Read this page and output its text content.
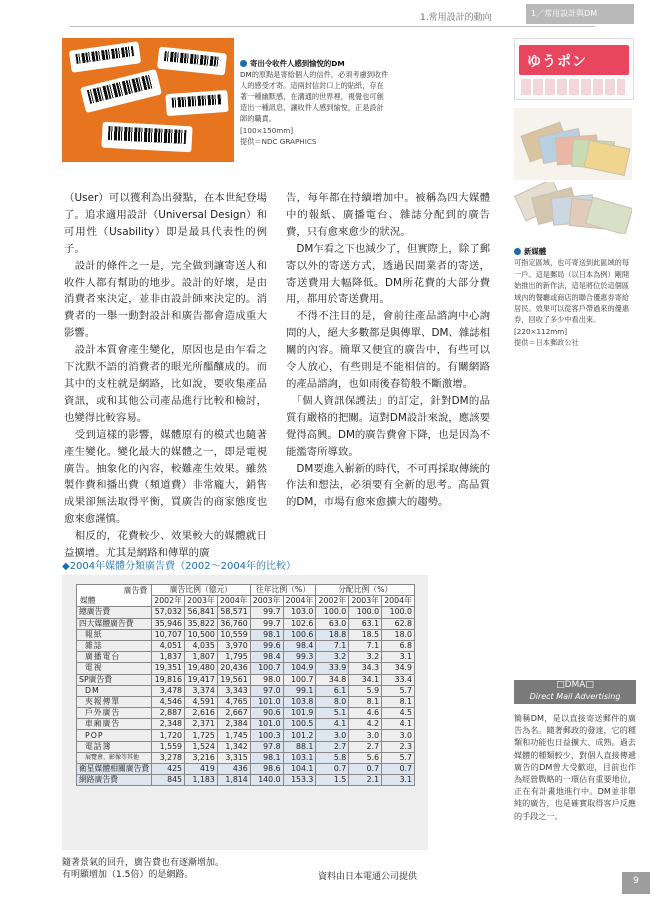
1.常用設計的動向	1／常用設計與DM
寄出令收件人感到愉悅的DM
DM的原點是寄給個人的信件，必須考慮到收件人的感受才寄。這兩封信封口上的貼紙，存在著一種幽默感，在溝通的世界裡，視覺也可創造出一種訊息，讓收件人感到愉悅，正是設計師的職責。
[100×150mm]
提供＝NDC GRAPHICS
ゆうポン
新媒體
可指定區域，也可寄送到此區域的每一戶。這是郵局（以日本為例）剛開始推出的新作法，這是將位於這個區域內的餐廳或商店的聯合優惠券寄給居民。效果可以從客戶帶過來的優惠券，回收了多少中看出來。
[220×112mm]
提供＝日本郵政公社

（User）可以獲利為出發點，在本世紀登場了。追求適用設計（Universal Design）和可用性（Usability）即是最具代表性的例子。

　設計的條件之一是，完全做到讓寄送人和收件人都有幫助的地步。設計的好壞，是由消費者來決定，並非由設計師來決定的。消費者的一舉一動對設計和廣告都會造成重大影響。

　設計本質會產生變化，原因也是由乍看之下沈默不語的消費者的眼光所醞釀成的。而其中的支柱就是網路，比如說，要收集產品資訊，或和其他公司產品進行比較和檢討，也變得比較容易。

　受到這樣的影響，媒體原有的模式也隨著產生變化。變化最大的媒體之一，即是電視廣告。抽象化的內容，較難產生效果。雖然製作費和播出費（頻道費）非常龐大，銷售成果卻無法取得平衡，買廣告的商家態度也愈來愈謹慎。

　相反的，花費較少、效果較大的媒體就日益擴增。尤其是網路和傳單的廣

告，每年都在持續增加中。被稱為四大媒體中的報紙、廣播電台、雜誌分配到的廣告費，只有愈來愈少的狀況。

　DM乍看之下也減少了，但實際上，除了郵寄以外的寄送方式，透過民間業者的寄送，寄送費用大幅降低。DM所花費的大部分費用，都用於寄送費用。

　不得不注目的是，會前往產品諮詢中心詢問的人，絕大多數都是與傳單、DM、雜誌相關的內容。簡單又便宜的廣告中，有些可以令人放心，有些則是不能相信的。有關網路的產品諮詢，也如雨後春筍般不斷激增。

　「個人資訊保護法」的訂定，針對DM的品質有嚴格的把關。這對DM設計來說，應該要覺得高興。DM的廣告費會下降，也是因為不能濫寄所導致。

　DM要進入嶄新的時代，不可再採取傳統的作法和想法，必須要有全新的思考。高品質的DM，市場有愈來愈擴大的趨勢。

□DMA□
Direct Mail Advertising
簡稱DM，是以直接寄送郵件的廣告為名。隨著郵政的發達，它的種類和功能也日益擴大、成熟。過去媒體的種類較少，對個人直接傳遞廣告的DM曾大受歡迎，目前也作為經營戰略的一環佔有重要地位，正在有計畫地進行中。DM並非單純的廣告，也是確實取得客戶反應的手段之一。
◆2004年媒體分類廣告費（2002～2004年的比較）
廣告費
媒體	廣告比例（億元）			往年比例（%）		分配比例（%）		
	2002年	2003年	2004年	2003年	2004年	2002年	2003年	2004年
總廣告費	57,032	56,841	58,571	99.7	103.0	100.0	100.0	100.0
四大媒體廣告費	35,946	35,822	36,760	99.7	102.6	63.0	63.1	62.8
報紙	10,707	10,500	10,559	98.1	100.6	18.8	18.5	18.0
雜誌	4,051	4,035	3,970	99.6	98.4	7.1	7.1	6.8
廣播電台	1,837	1,807	1,795	98.4	99.3	3.2	3.2	3.1
電視	19,351	19,480	20,436	100.7	104.9	33.9	34.3	34.9
SP廣告費	19,816	19,417	19,561	98.0	100.7	34.8	34.1	33.4
DM	3,478	3,374	3,343	97.0	99.1	6.1	5.9	5.7
夾報傳單	4,546	4,591	4,765	101.0	103.8	8.0	8.1	8.1
戶外廣告	2,887	2,616	2,667	90.6	101.9	5.1	4.6	4.5
車廂廣告	2,348	2,371	2,384	101.0	100.5	4.1	4.2	4.1
POP	1,720	1,725	1,745	100.3	101.2	3.0	3.0	3.0
電話簿	1,559	1,524	1,342	97.8	88.1	2.7	2.7	2.3
展覽會、影像等其他	3,278	3,216	3,315	98.1	103.1	5.8	5.6	5.7
衛星媒體相關廣告費	425	419	436	98.6	104.1	0.7	0.7	0.7
網路廣告費	845	1,183	1,814	140.0	153.3	1.5	2.1	3.1
隨著景氣的回升，廣告費也有逐漸增加。
有明顯增加（1.5倍）的是網路。	資料由日本電通公司提供	9
